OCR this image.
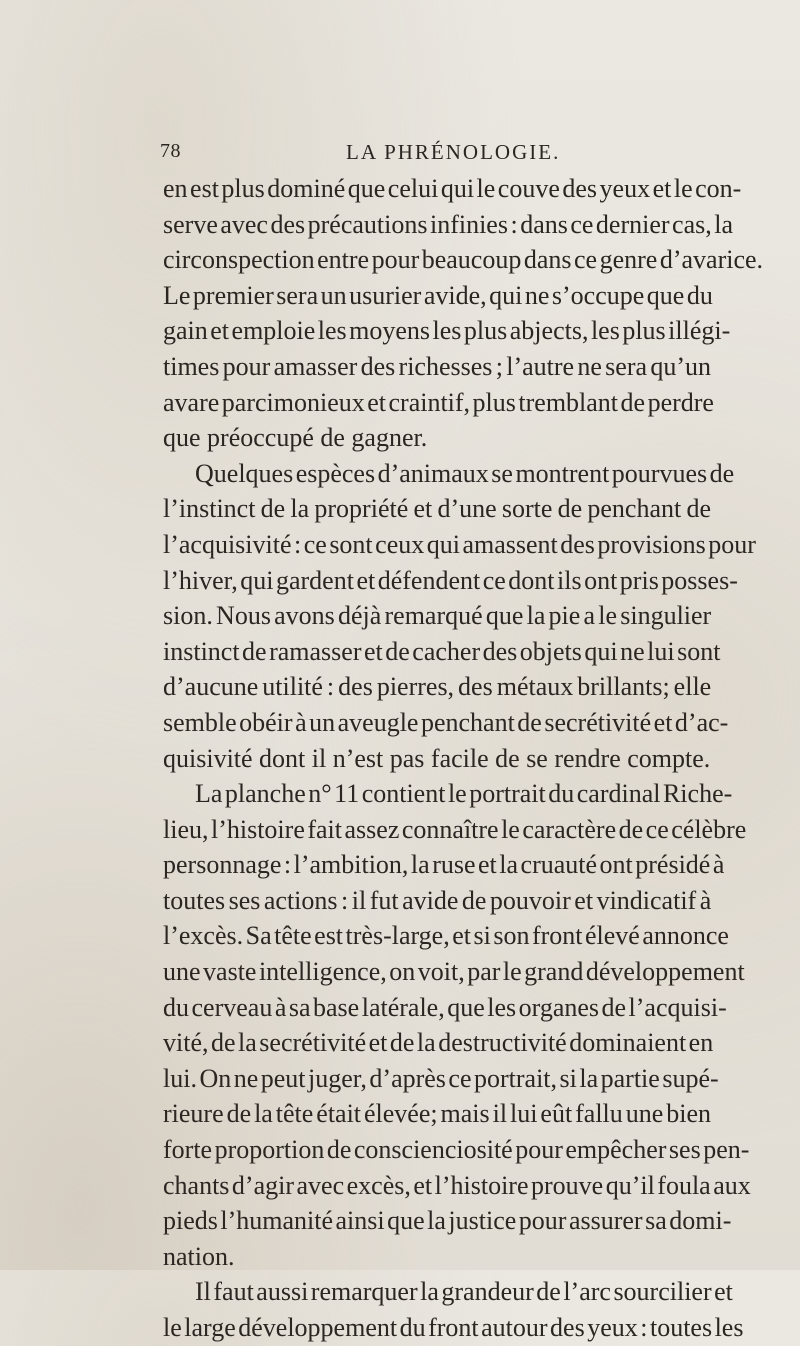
78	LA PHRÉNOLOGIE.

en est plus dominé que celui qui le couve des yeux et le con-
serve avec des précautions infinies : dans ce dernier cas, la
circonspection entre pour beaucoup dans ce genre d’avarice.
Le premier sera un usurier avide, qui ne s’occupe que du
gain et emploie les moyens les plus abjects, les plus illégi-
times pour amasser des richesses ; l’autre ne sera qu’un
avare parcimonieux et craintif, plus tremblant de perdre
que préoccupé de gagner.

Quelques espèces d’animaux se montrent pourvues de
l’instinct de la propriété et d’une sorte de penchant de
l’acquisivité : ce sont ceux qui amassent des provisions pour
l’hiver, qui gardent et défendent ce dont ils ont pris posses-
sion. Nous avons déjà remarqué que la pie a le singulier
instinct de ramasser et de cacher des objets qui ne lui sont
d’aucune utilité : des pierres, des métaux brillants; elle
semble obéir à un aveugle penchant de secrétivité et d’ac-
quisivité dont il n’est pas facile de se rendre compte.

La planche n° 11 contient le portrait du cardinal Riche-
lieu, l’histoire fait assez connaître le caractère de ce célèbre
personnage : l’ambition, la ruse et la cruauté ont présidé à
toutes ses actions : il fut avide de pouvoir et vindicatif à
l’excès. Sa tête est très-large, et si son front élevé annonce
une vaste intelligence, on voit, par le grand développement
du cerveau à sa base latérale, que les organes de l’acquisi-
vité, de la secrétivité et de la destructivité dominaient en
lui. On ne peut juger, d’après ce portrait, si la partie supé-
rieure de la tête était élevée; mais il lui eût fallu une bien
forte proportion de conscienciosité pour empêcher ses pen-
chants d’agir avec excès, et l’histoire prouve qu’il foula aux
pieds l’humanité ainsi que la justice pour assurer sa domi-
nation.

Il faut aussi remarquer la grandeur de l’arc sourcilier et
le large développement du front autour des yeux : toutes les
